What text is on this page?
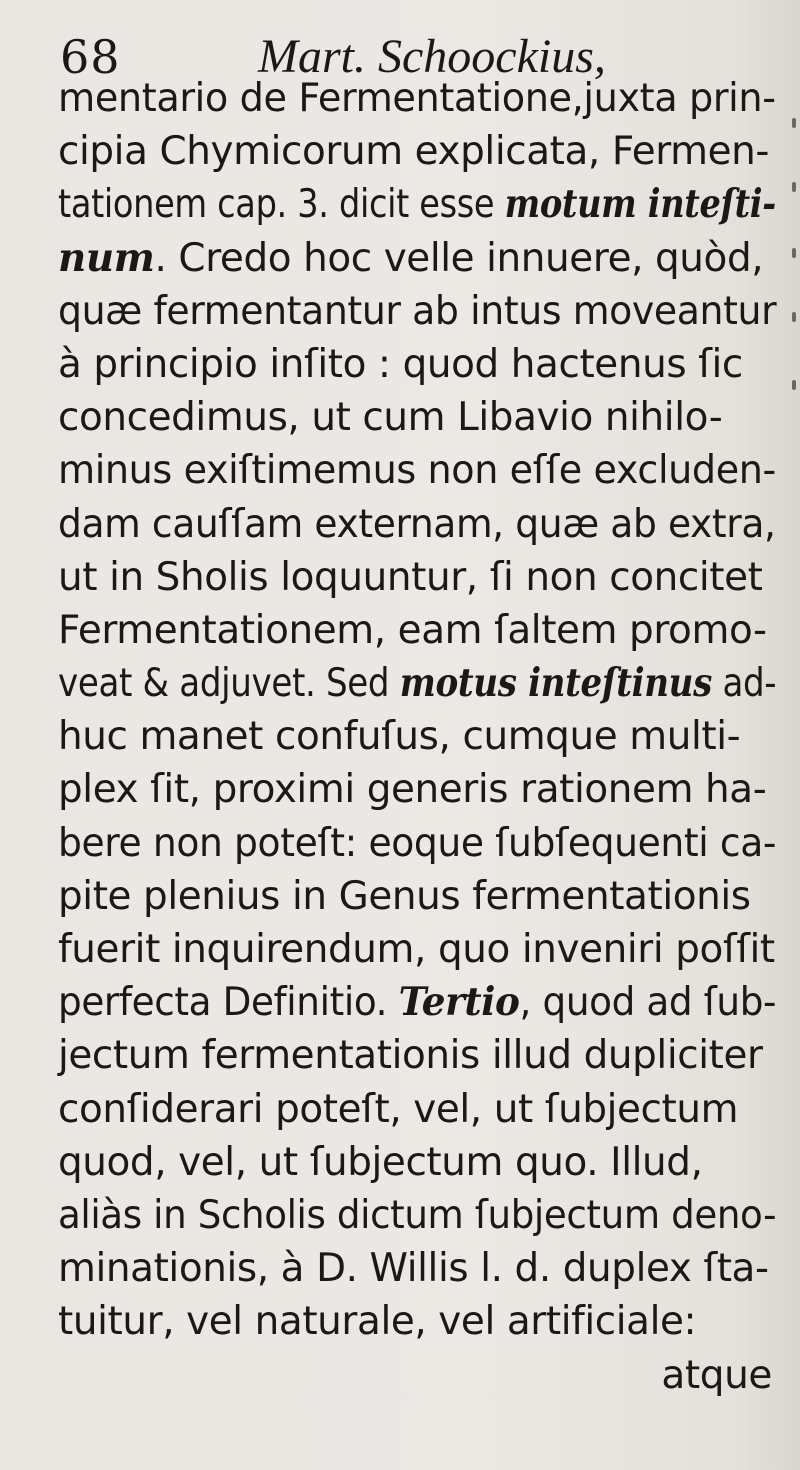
68	Mart. Schoockius,
mentario de Fermentatione,juxta prin-
cipia Chymicorum explicata, Fermen-
tationem cap. 3. dicit esse motum inteſti-
num. Credo hoc velle innuere, quòd,
quæ fermentantur ab intus moveantur
à principio inſito : quod hactenus ſic
concedimus, ut cum Libavio nihilo-
minus exiſtimemus non eſſe excluden-
dam cauſſam externam, quæ ab extra,
ut in Sholis loquuntur, ſi non concitet
Fermentationem, eam ſaltem promo-
veat & adjuvet. Sed motus inteſtinus ad-
huc manet confuſus, cumque multi-
plex ſit, proximi generis rationem ha-
bere non poteſt: eoque ſubſequenti ca-
pite plenius in Genus fermentationis
fuerit inquirendum, quo inveniri poſſit
perfecta Definitio. Tertio, quod ad ſub-
jectum fermentationis illud dupliciter
conſiderari poteſt, vel, ut ſubjectum
quod, vel, ut ſubjectum quo. Illud,
aliàs in Scholis dictum ſubjectum deno-
minationis, à D. Willis l. d. duplex ſta-
tuitur, vel naturale, vel artificiale:
atque
